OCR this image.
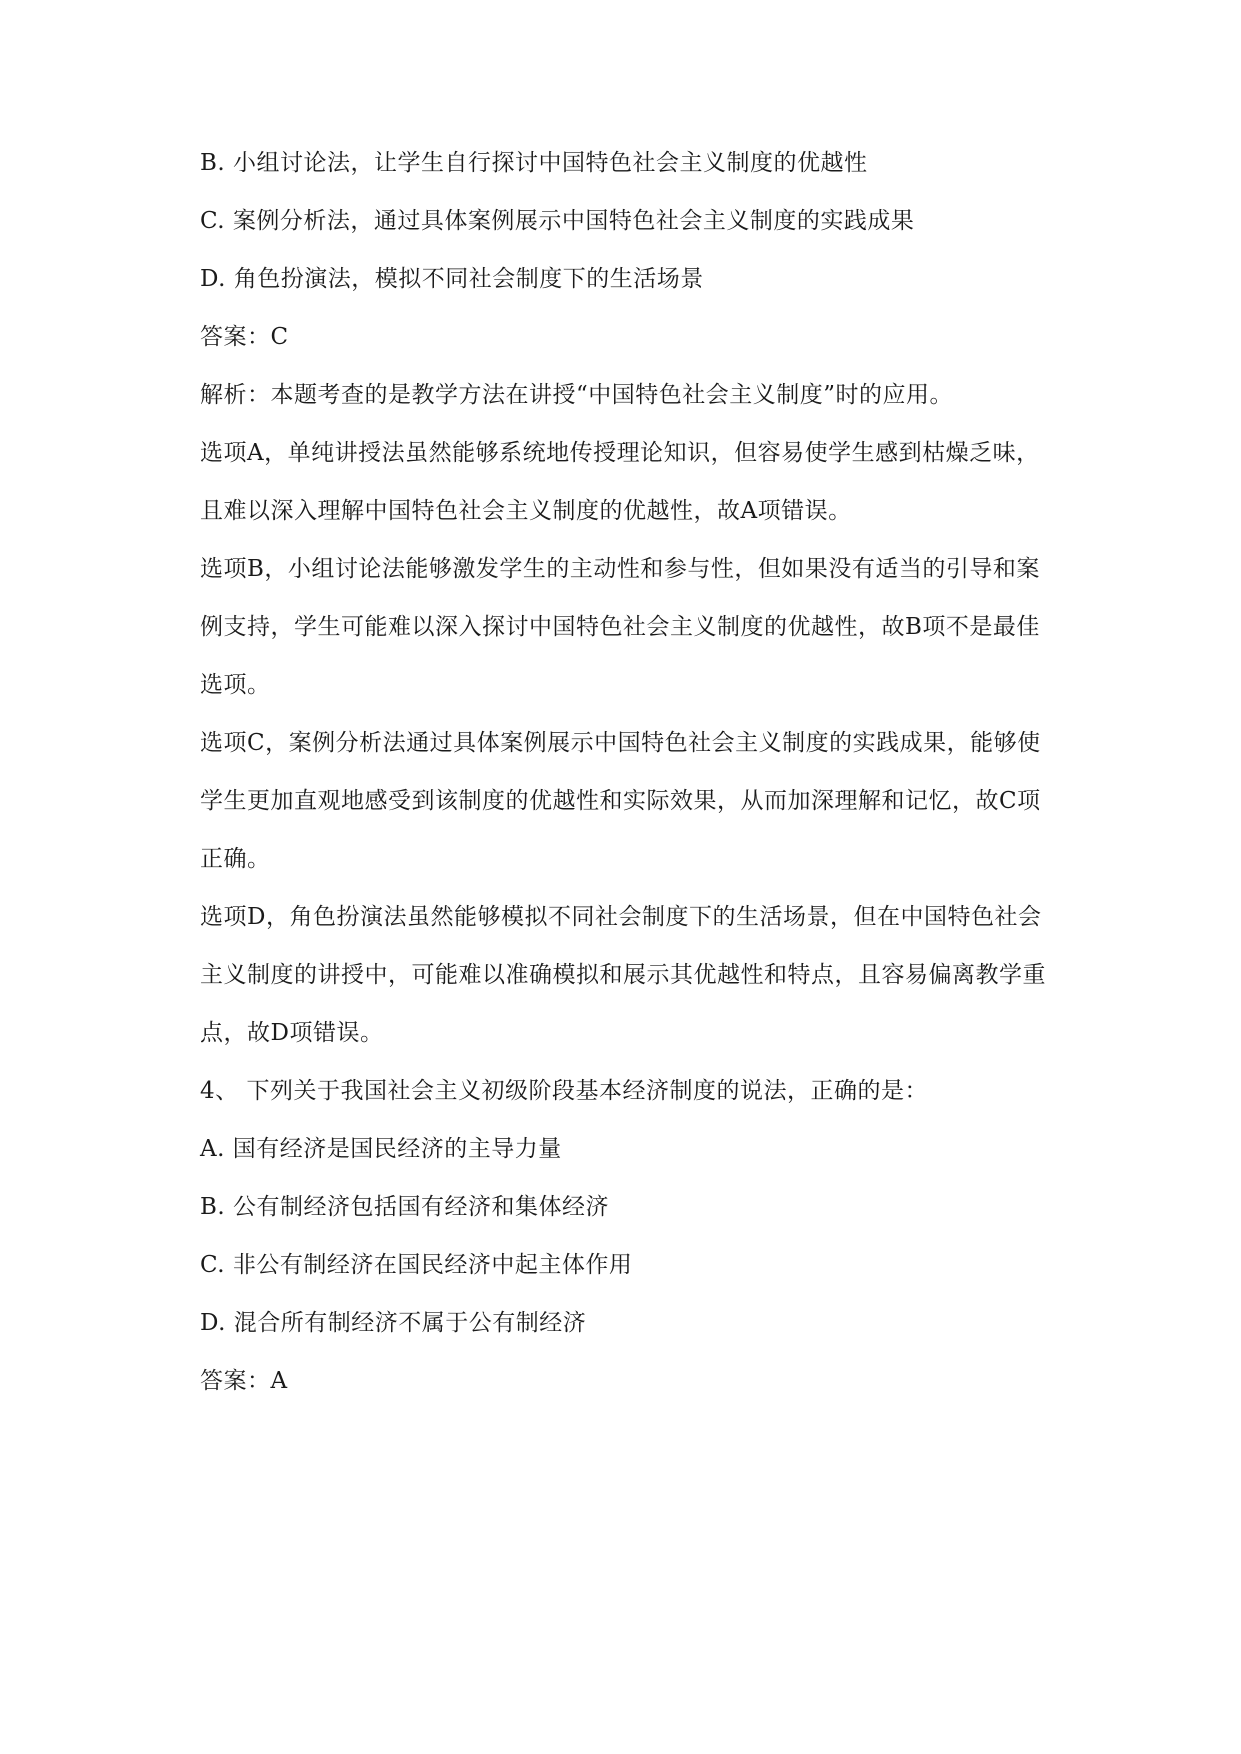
B. 小组讨论法，让学生自行探讨中国特色社会主义制度的优越性
C. 案例分析法，通过具体案例展示中国特色社会主义制度的实践成果
D. 角色扮演法，模拟不同社会制度下的生活场景
答案：C
解析：本题考查的是教学方法在讲授“中国特色社会主义制度”时的应用。
选项A，单纯讲授法虽然能够系统地传授理论知识，但容易使学生感到枯燥乏味，
且难以深入理解中国特色社会主义制度的优越性，故A项错误。
选项B，小组讨论法能够激发学生的主动性和参与性，但如果没有适当的引导和案
例支持，学生可能难以深入探讨中国特色社会主义制度的优越性，故B项不是最佳
选项。
选项C，案例分析法通过具体案例展示中国特色社会主义制度的实践成果，能够使
学生更加直观地感受到该制度的优越性和实际效果，从而加深理解和记忆，故C项
正确。
选项D，角色扮演法虽然能够模拟不同社会制度下的生活场景，但在中国特色社会
主义制度的讲授中，可能难以准确模拟和展示其优越性和特点，且容易偏离教学重
点，故D项错误。
4、 下列关于我国社会主义初级阶段基本经济制度的说法，正确的是：
A. 国有经济是国民经济的主导力量
B. 公有制经济包括国有经济和集体经济
C. 非公有制经济在国民经济中起主体作用
D. 混合所有制经济不属于公有制经济
答案：A
